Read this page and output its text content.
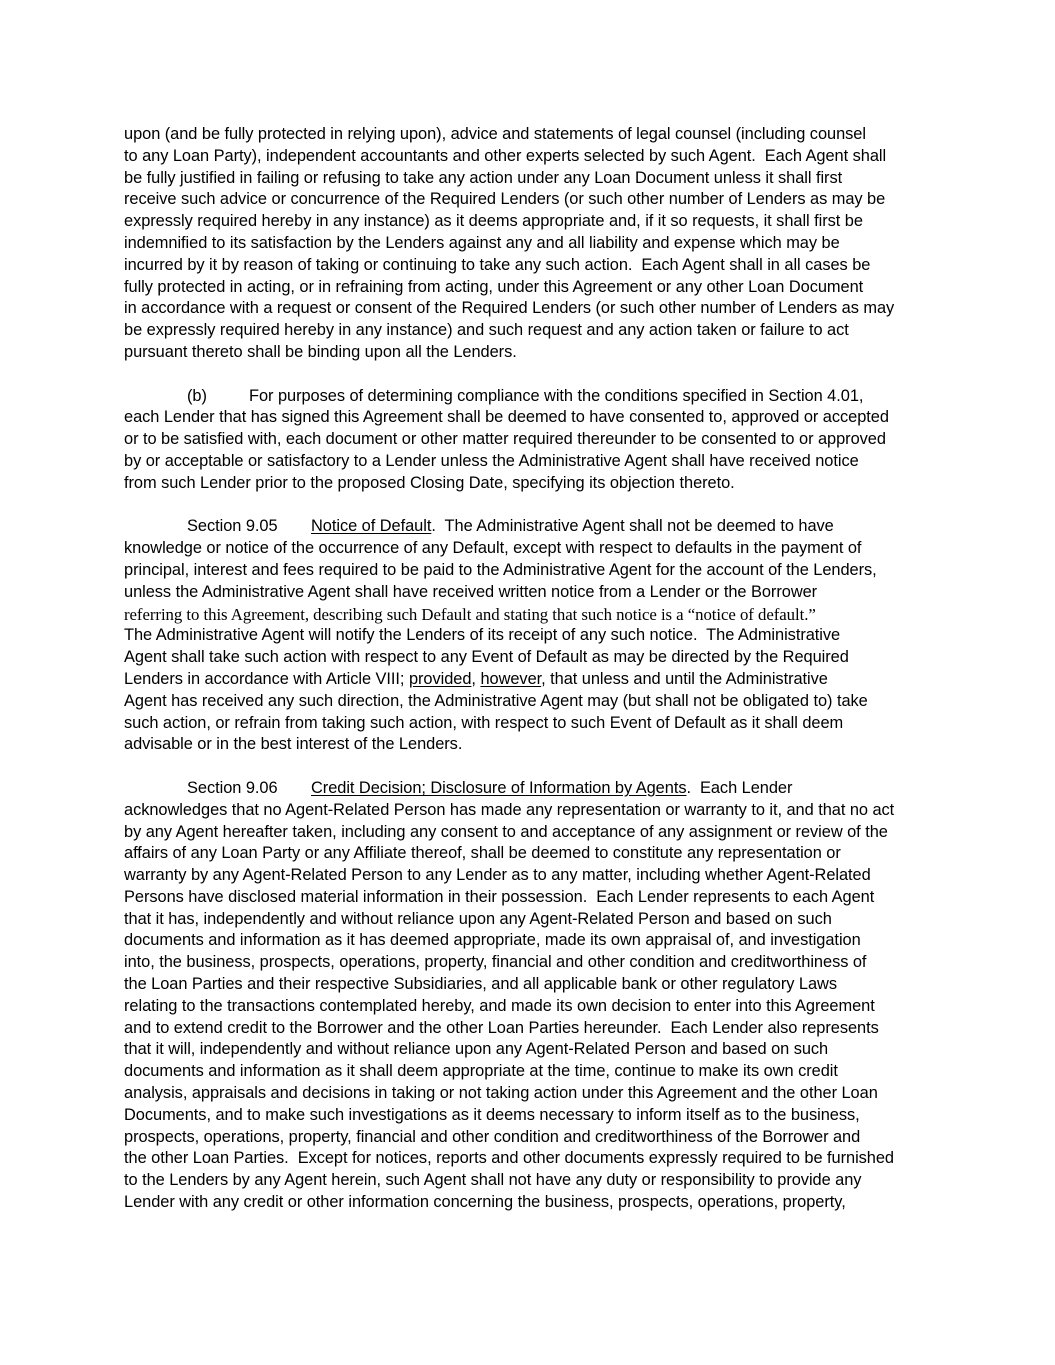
upon (and be fully protected in relying upon), advice and statements of legal counsel (including counsel
to any Loan Party), independent accountants and other experts selected by such Agent.  Each Agent shall
be fully justified in failing or refusing to take any action under any Loan Document unless it shall first
receive such advice or concurrence of the Required Lenders (or such other number of Lenders as may be
expressly required hereby in any instance) as it deems appropriate and, if it so requests, it shall first be
indemnified to its satisfaction by the Lenders against any and all liability and expense which may be
incurred by it by reason of taking or continuing to take any such action.  Each Agent shall in all cases be
fully protected in acting, or in refraining from acting, under this Agreement or any other Loan Document
in accordance with a request or consent of the Required Lenders (or such other number of Lenders as may
be expressly required hereby in any instance) and such request and any action taken or failure to act
pursuant thereto shall be binding upon all the Lenders.
(b)	For purposes of determining compliance with the conditions specified in Section 4.01,
each Lender that has signed this Agreement shall be deemed to have consented to, approved or accepted
or to be satisfied with, each document or other matter required thereunder to be consented to or approved
by or acceptable or satisfactory to a Lender unless the Administrative Agent shall have received notice
from such Lender prior to the proposed Closing Date, specifying its objection thereto.
Section 9.05 Notice of Default.  The Administrative Agent shall not be deemed to have
knowledge or notice of the occurrence of any Default, except with respect to defaults in the payment of
principal, interest and fees required to be paid to the Administrative Agent for the account of the Lenders,
unless the Administrative Agent shall have received written notice from a Lender or the Borrower
referring to this Agreement, describing such Default and stating that such notice is a “notice of default.”
The Administrative Agent will notify the Lenders of its receipt of any such notice.  The Administrative
Agent shall take such action with respect to any Event of Default as may be directed by the Required
Lenders in accordance with Article VIII; provided, however, that unless and until the Administrative
Agent has received any such direction, the Administrative Agent may (but shall not be obligated to) take
such action, or refrain from taking such action, with respect to such Event of Default as it shall deem
advisable or in the best interest of the Lenders.
Section 9.06 Credit Decision; Disclosure of Information by Agents.  Each Lender
acknowledges that no Agent-Related Person has made any representation or warranty to it, and that no act
by any Agent hereafter taken, including any consent to and acceptance of any assignment or review of the
affairs of any Loan Party or any Affiliate thereof, shall be deemed to constitute any representation or
warranty by any Agent-Related Person to any Lender as to any matter, including whether Agent-Related
Persons have disclosed material information in their possession.  Each Lender represents to each Agent
that it has, independently and without reliance upon any Agent-Related Person and based on such
documents and information as it has deemed appropriate, made its own appraisal of, and investigation
into, the business, prospects, operations, property, financial and other condition and creditworthiness of
the Loan Parties and their respective Subsidiaries, and all applicable bank or other regulatory Laws
relating to the transactions contemplated hereby, and made its own decision to enter into this Agreement
and to extend credit to the Borrower and the other Loan Parties hereunder.  Each Lender also represents
that it will, independently and without reliance upon any Agent-Related Person and based on such
documents and information as it shall deem appropriate at the time, continue to make its own credit
analysis, appraisals and decisions in taking or not taking action under this Agreement and the other Loan
Documents, and to make such investigations as it deems necessary to inform itself as to the business,
prospects, operations, property, financial and other condition and creditworthiness of the Borrower and
the other Loan Parties.  Except for notices, reports and other documents expressly required to be furnished
to the Lenders by any Agent herein, such Agent shall not have any duty or responsibility to provide any
Lender with any credit or other information concerning the business, prospects, operations, property,
